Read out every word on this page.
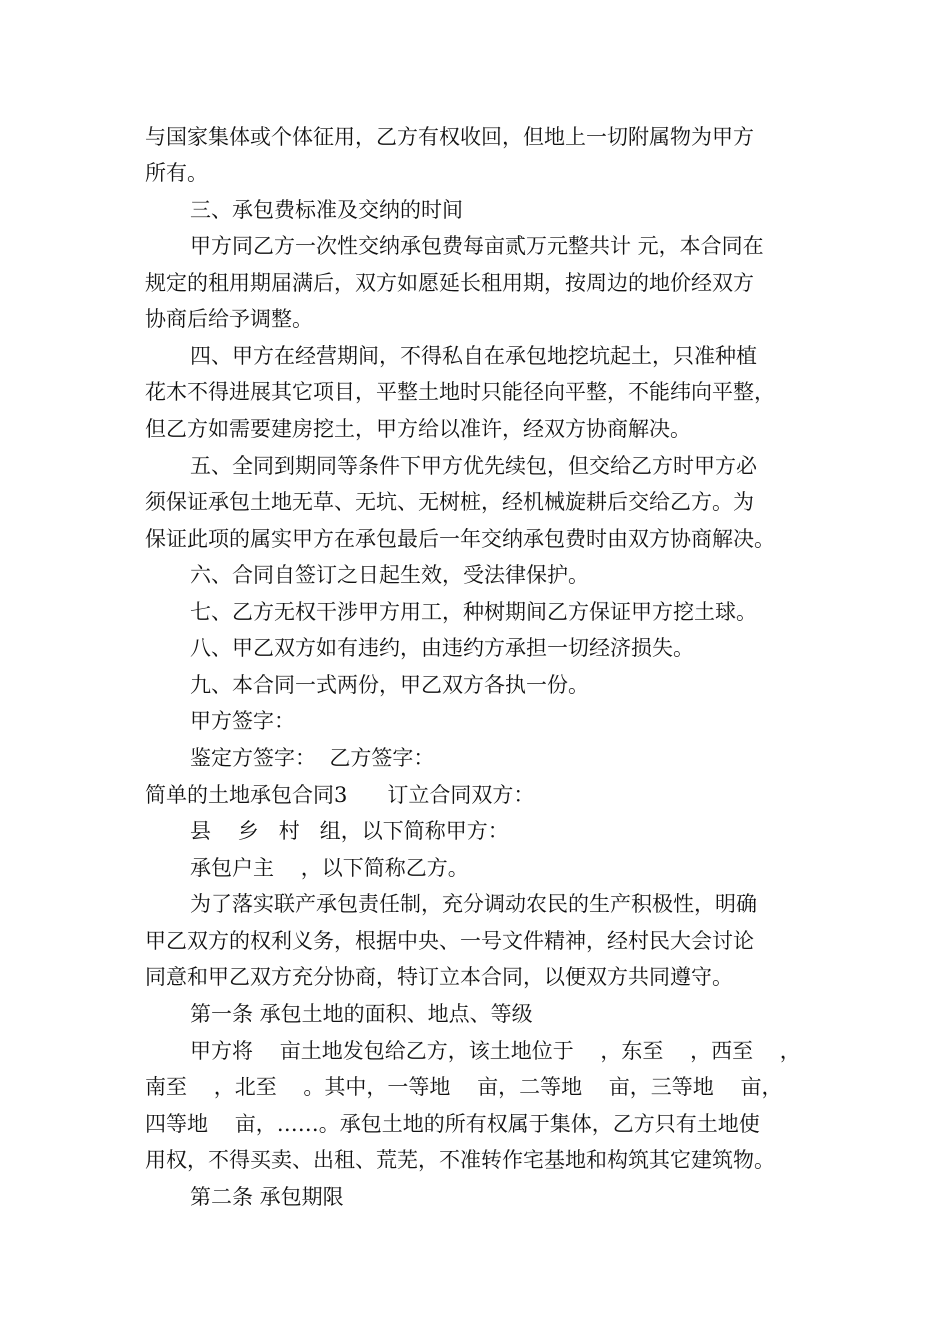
与国家集体或个体征用，乙方有权收回，但地上一切附属物为甲方
所有。
三、承包费标准及交纳的时间
甲方同乙方一次性交纳承包费每亩贰万元整共计 元，本合同在
规定的租用期届满后，双方如愿延长租用期，按周边的地价经双方
协商后给予调整。
四、甲方在经营期间，不得私自在承包地挖坑起土，只准种植
花木不得进展其它项目，平整土地时只能径向平整，不能纬向平整，
但乙方如需要建房挖土，甲方给以准许，经双方协商解决。
五、全同到期同等条件下甲方优先续包，但交给乙方时甲方必
须保证承包土地无草、无坑、无树桩，经机械旋耕后交给乙方。为
保证此项的属实甲方在承包最后一年交纳承包费时由双方协商解决。
六、合同自签订之日起生效，受法律保护。
七、乙方无权干涉甲方用工，种树期间乙方保证甲方挖土球。
八、甲乙双方如有违约，由违约方承担一切经济损失。
九、本合同一式两份，甲乙双方各执一份。
甲方签字：
鉴定方签字：  乙方签字：
简单的土地承包合同3      订立合同双方：
县    乡   村   组，以下简称甲方：
承包户主    ，以下简称乙方。
为了落实联产承包责任制，充分调动农民的生产积极性，明确
甲乙双方的权利义务，根据中央、一号文件精神，经村民大会讨论
同意和甲乙双方充分协商，特订立本合同，以便双方共同遵守。
第一条 承包土地的面积、地点、等级
甲方将    亩土地发包给乙方，该土地位于    ，东至    ，西至    ，
南至    ，北至    。其中，一等地    亩，二等地    亩，三等地    亩，
四等地    亩，……。承包土地的所有权属于集体，乙方只有土地使
用权，不得买卖、出租、荒芜，不准转作宅基地和构筑其它建筑物。
第二条 承包期限
